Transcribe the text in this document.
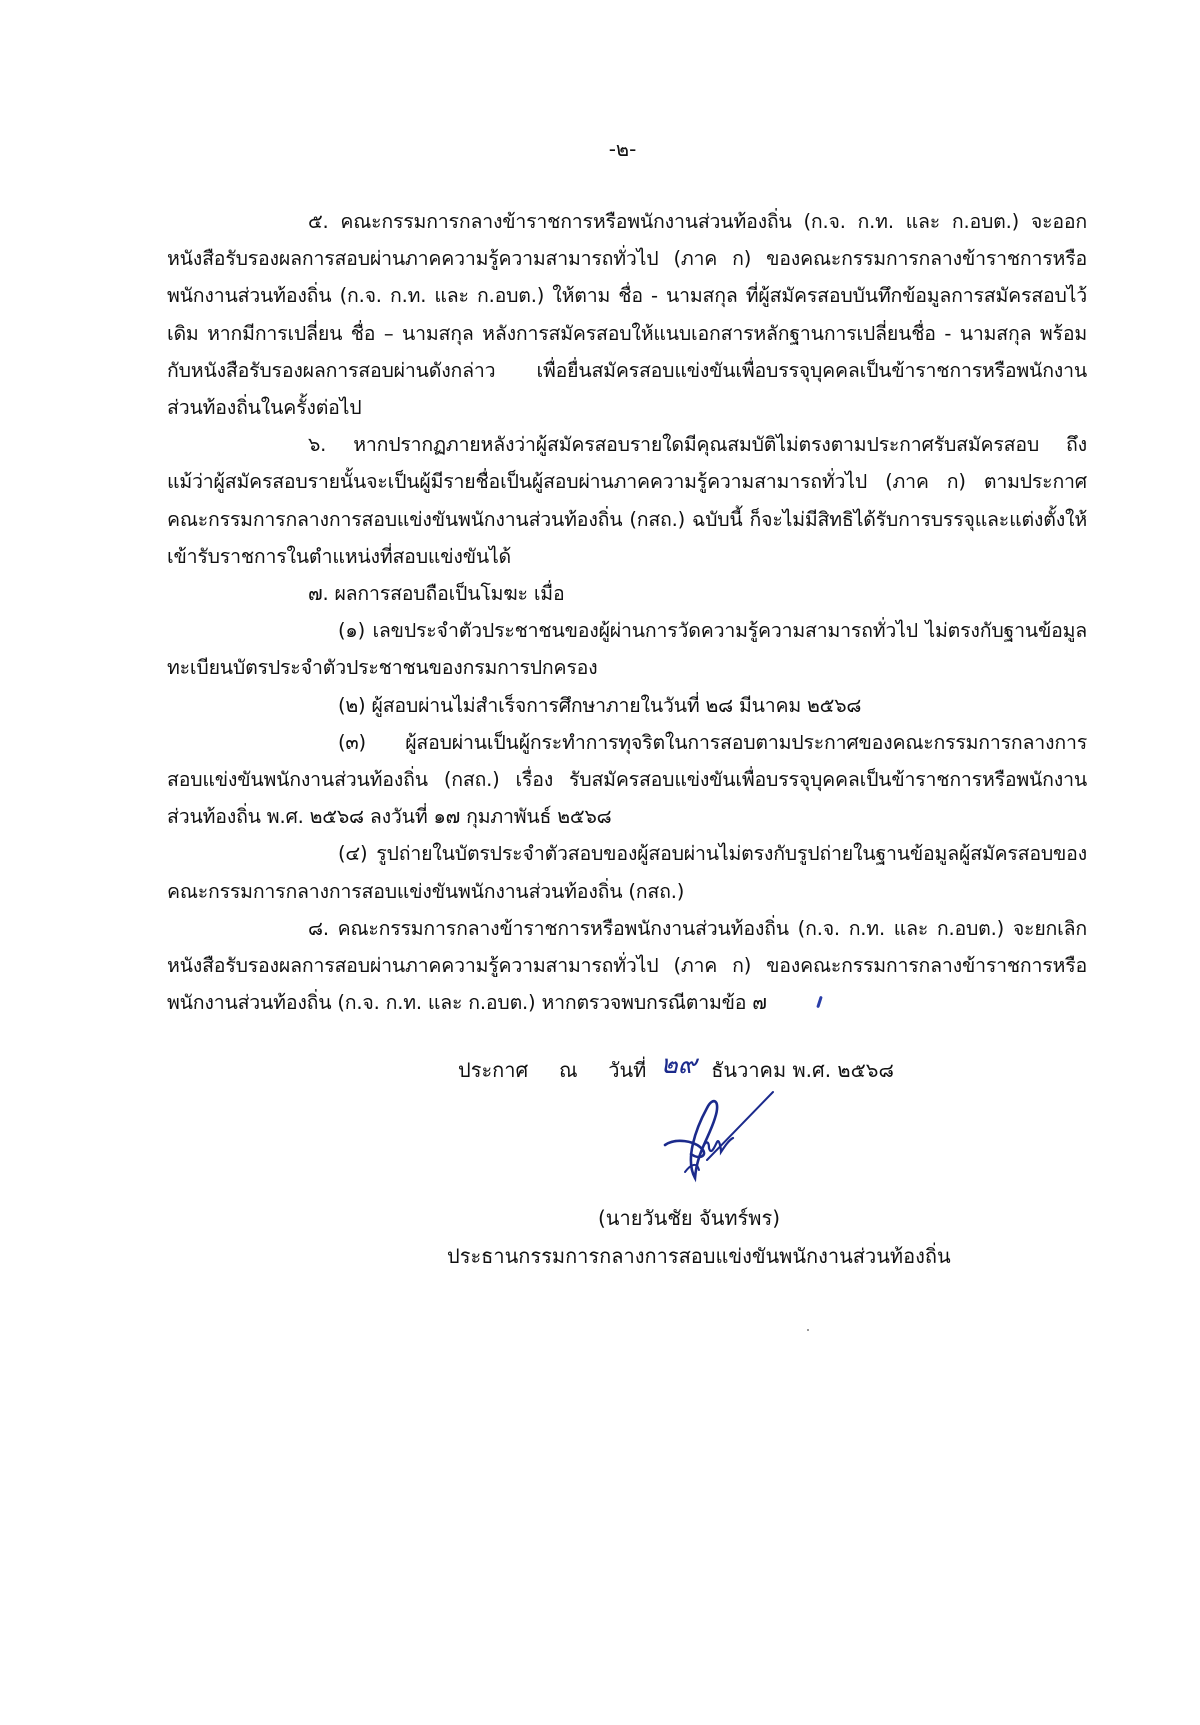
-๒-

๕. คณะกรรมการกลางข้าราชการหรือพนักงานส่วนท้องถิ่น (ก.จ. ก.ท. และ ก.อบต.) จะออกหนังสือรับรองผลการสอบผ่านภาคความรู้ความสามารถทั่วไป (ภาค ก) ของคณะกรรมการกลางข้าราชการหรือพนักงานส่วนท้องถิ่น (ก.จ. ก.ท. และ ก.อบต.) ให้ตาม ชื่อ - นามสกุล ที่ผู้สมัครสอบบันทึกข้อมูลการสมัครสอบไว้เดิม หากมีการเปลี่ยน ชื่อ – นามสกุล หลังการสมัครสอบให้แนบเอกสารหลักฐานการเปลี่ยนชื่อ - นามสกุล พร้อมกับหนังสือรับรองผลการสอบผ่านดังกล่าว เพื่อยื่นสมัครสอบแข่งขันเพื่อบรรจุบุคคลเป็นข้าราชการหรือพนักงานส่วนท้องถิ่นในครั้งต่อไป

๖. หากปรากฏภายหลังว่าผู้สมัครสอบรายใดมีคุณสมบัติไม่ตรงตามประกาศรับสมัครสอบ ถึงแม้ว่าผู้สมัครสอบรายนั้นจะเป็นผู้มีรายชื่อเป็นผู้สอบผ่านภาคความรู้ความสามารถทั่วไป (ภาค ก) ตามประกาศคณะกรรมการกลางการสอบแข่งขันพนักงานส่วนท้องถิ่น (กสถ.) ฉบับนี้ ก็จะไม่มีสิทธิได้รับการบรรจุและแต่งตั้งให้เข้ารับราชการในตำแหน่งที่สอบแข่งขันได้

๗. ผลการสอบถือเป็นโมฆะ เมื่อ

(๑) เลขประจำตัวประชาชนของผู้ผ่านการวัดความรู้ความสามารถทั่วไป ไม่ตรงกับฐานข้อมูลทะเบียนบัตรประจำตัวประชาชนของกรมการปกครอง

(๒) ผู้สอบผ่านไม่สำเร็จการศึกษาภายในวันที่ ๒๘ มีนาคม ๒๕๖๘

(๓) ผู้สอบผ่านเป็นผู้กระทำการทุจริตในการสอบตามประกาศของคณะกรรมการกลางการสอบแข่งขันพนักงานส่วนท้องถิ่น (กสถ.) เรื่อง รับสมัครสอบแข่งขันเพื่อบรรจุบุคคลเป็นข้าราชการหรือพนักงานส่วนท้องถิ่น พ.ศ. ๒๕๖๘ ลงวันที่ ๑๗ กุมภาพันธ์ ๒๕๖๘

(๔) รูปถ่ายในบัตรประจำตัวสอบของผู้สอบผ่านไม่ตรงกับรูปถ่ายในฐานข้อมูลผู้สมัครสอบของคณะกรรมการกลางการสอบแข่งขันพนักงานส่วนท้องถิ่น (กสถ.)

๘. คณะกรรมการกลางข้าราชการหรือพนักงานส่วนท้องถิ่น (ก.จ. ก.ท. และ ก.อบต.) จะยกเลิกหนังสือรับรองผลการสอบผ่านภาคความรู้ความสามารถทั่วไป (ภาค ก) ของคณะกรรมการกลางข้าราชการหรือพนักงานส่วนท้องถิ่น (ก.จ. ก.ท. และ ก.อบต.) หากตรวจพบกรณีตามข้อ ๗

ประกาศ ณ วันที่ ๒๙ ธันวาคม พ.ศ. ๒๕๖๘
(นายวันชัย จันทร์พร)
ประธานกรรมการกลางการสอบแข่งขันพนักงานส่วนท้องถิ่น
